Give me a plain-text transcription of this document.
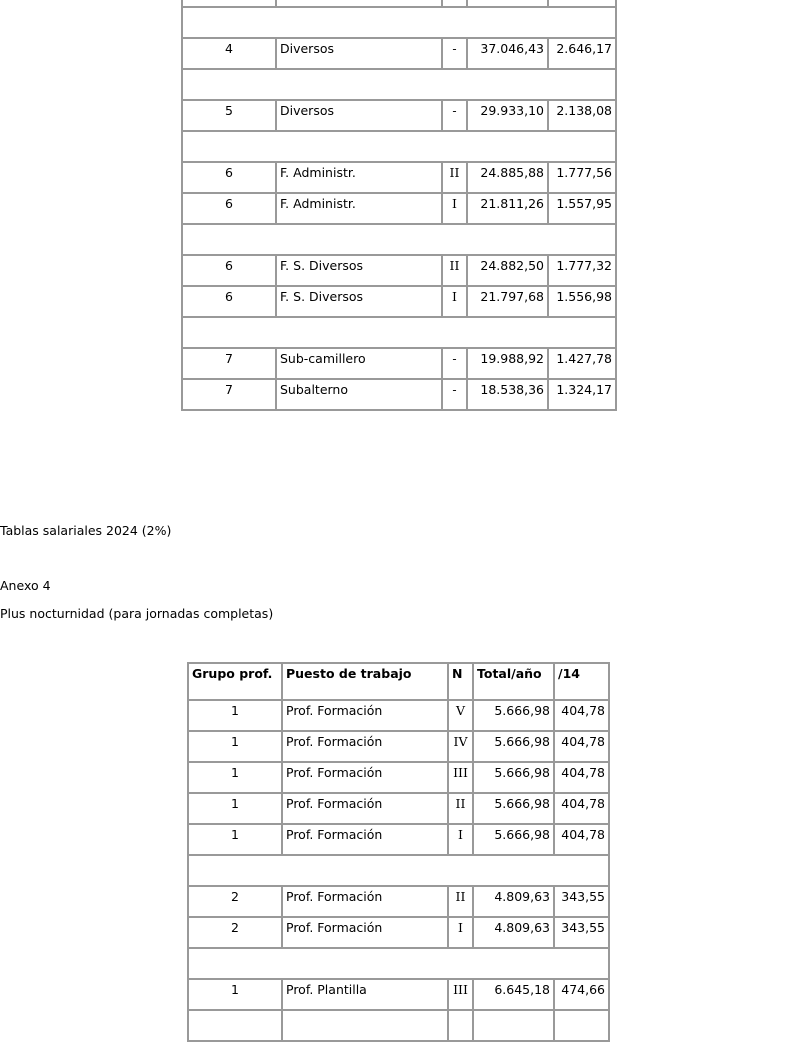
4	Diversos	-	37.046,43	2.646,17

5	Diversos	-	29.933,10	2.138,08

6	F. Administr.	II	24.885,88	1.777,56
6	F. Administr.	I	21.811,26	1.557,95

6	F. S. Diversos	II	24.882,50	1.777,32
6	F. S. Diversos	I	21.797,68	1.556,98

7	Sub-camillero	-	19.988,92	1.427,78
7	Subalterno	-	18.538,36	1.324,17

Tablas salariales 2024 (2%)

Anexo 4

Plus nocturnidad (para jornadas completas)

Grupo prof.	Puesto de trabajo	N	Total/año	/14
1	Prof. Formación	V	5.666,98	404,78
1	Prof. Formación	IV	5.666,98	404,78
1	Prof. Formación	III	5.666,98	404,78
1	Prof. Formación	II	5.666,98	404,78
1	Prof. Formación	I	5.666,98	404,78

2	Prof. Formación	II	4.809,63	343,55
2	Prof. Formación	I	4.809,63	343,55

1	Prof. Plantilla	III	6.645,18	474,66
